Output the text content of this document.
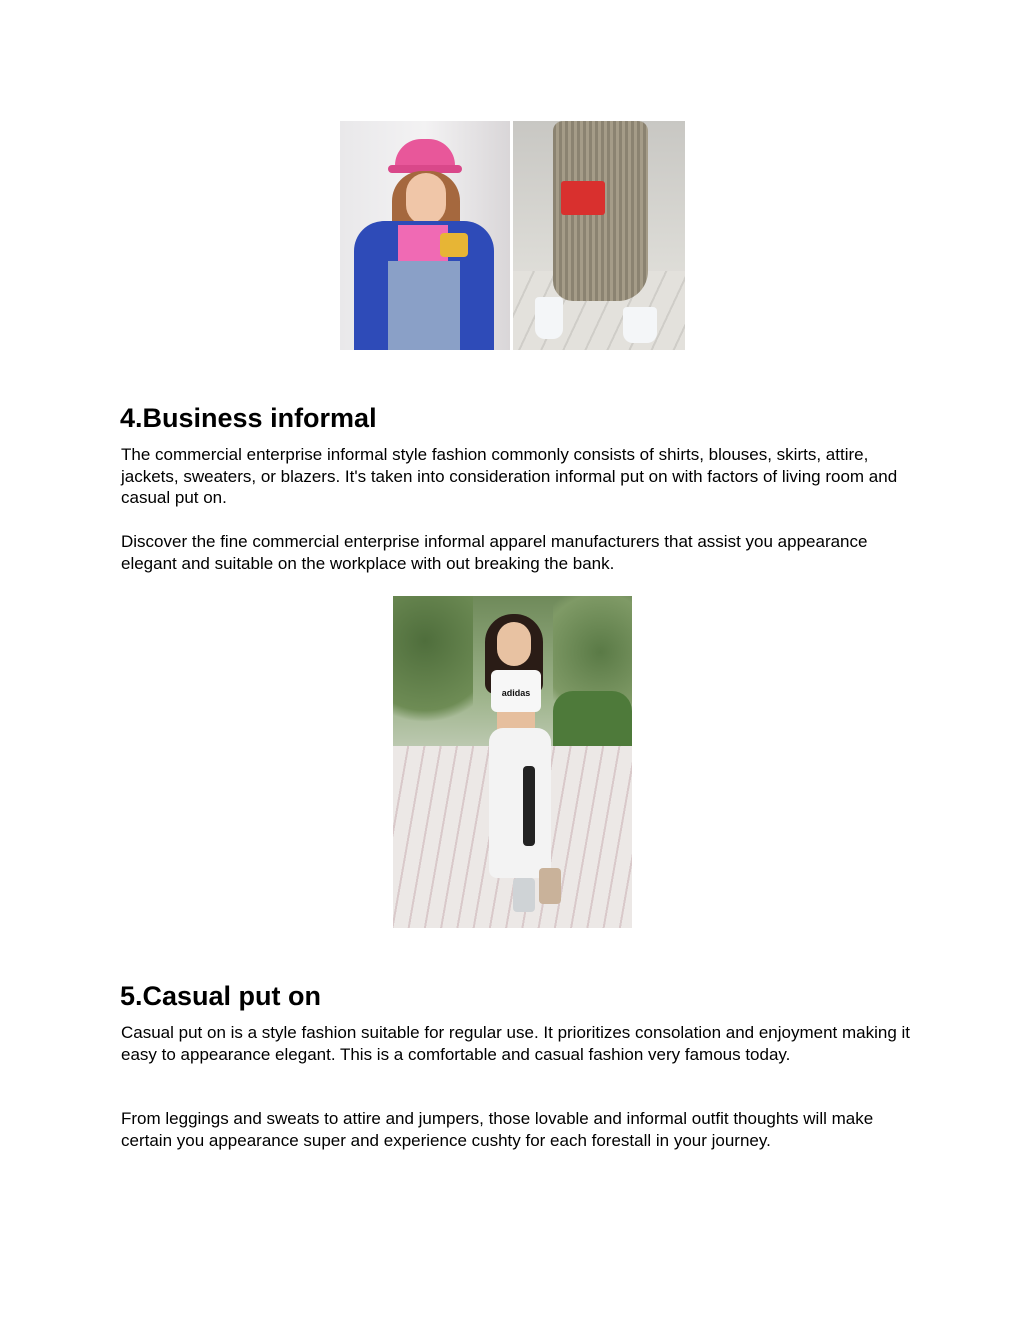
4.Business informal

The commercial enterprise informal style fashion commonly consists of shirts, blouses, skirts, attire, jackets, sweaters, or blazers. It's taken into consideration informal put on with factors of living room and casual put on.

Discover the fine commercial enterprise informal apparel manufacturers that assist you appearance elegant and suitable on the workplace with out breaking the bank.

adidas
5.Casual put on

Casual put on is a style fashion suitable for regular use. It prioritizes consolation and enjoyment making it easy to appearance elegant. This is a comfortable and casual fashion very famous today.

From leggings and sweats to attire and jumpers, those lovable and informal outfit thoughts will make certain you appearance super and experience cushty for each forestall in your journey.
